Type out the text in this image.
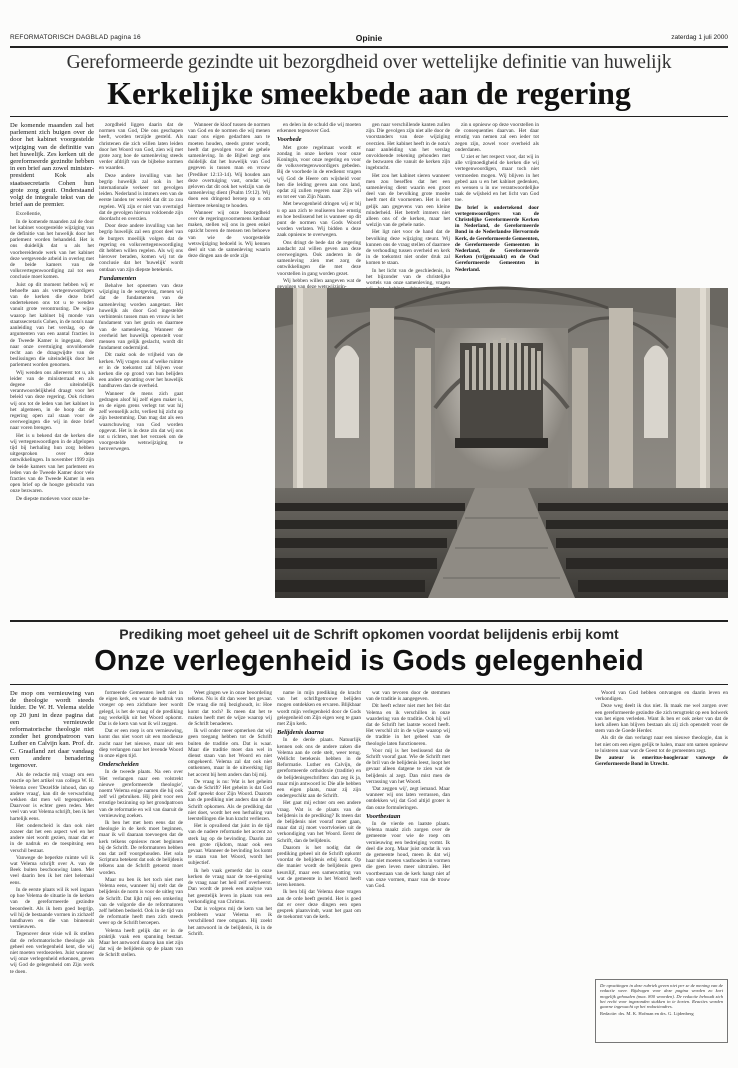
REFORMATORISCH DAGBLAD pagina 16	Opinie	zaterdag 1 juli 2000
Gereformeerde gezindte uit bezorgdheid over wettelijke definitie van huwelijk
Kerkelijke smeekbede aan de regering

De komende maanden zal het parlement zich buigen over de door het kabinet voorgestelde wijziging van de definitie van het huwelijk. Zes kerken uit de gereformeerde gezindte hebben in een brief aan zowel minister-president Kok als staatssecretaris Cohen hun grote zorg geuit. Onderstaand volgt de integrale tekst van de brief aan de premier.

Excellentie,

In de komende maanden zal de door het kabinet voorgestelde wijziging van de definitie van het huwelijk door het parlement worden behandeld. Het is ons duidelijk dat u als het voorbereidende werk van het kabinet deze wetgevende arbeid in overleg met de beide kamers van de volksvertegenwoordiging zal tot een conclusie moet komen.

Juist op dit moment hebben wij er behoefte aan als vertegenwoordigers van de kerken die deze brief ondertekenen ons tot u te wenden vanuit grote verontrusting. De wijze waarop het kabinet bij monde van staatssecretaris Cohen, in de nota's naar aanleiding van het verslag, op de argumenten van een aantal fracties in de Tweede Kamer is ingegaan, doet naar onze overtuiging onvoldoende recht aan de draagwijdte van de beslissingen die uiteindelijk door het parlement worden genomen.

Wij wenden ons allereerst tot u, als leider van de ministerraad en als degene die uiteindelijk verantwoordelijkheid draagt voor het beleid van deze regering. Ook richten wij ons tot de leden van het kabinet in het algemeen, in de hoop dat de regering open zal staan voor de overwegingen die wij in deze brief naar voren brengen.

Het is u bekend dat de kerken die wij vertegenwoordigen in de afgelopen tijd bij herhaling hun zorg hebben uitgesproken over deze ontwikkelingen. In november 1999 zijn de beide kamers van het parlement en leden van de Tweede Kamer door vele fracties van de Tweede Kamer in een open brief op de hoogte gebracht van onze bezwaren.

De diepste motieven voor onze be-

zorgdheid liggen daarin dat de normen van God, Die ons geschapen heeft, worden terzijde gesteld. Als christenen die zich willen laten leiden door het Woord van God, zien wij met grote zorg hoe de samenleving steeds verder afdrijft van de bijbelse normen en waarden.

Deze andere invulling van het begrip huwelijk zal ook in het internationale verkeer tot gevolgen leiden. Nederland is immers een van de eerste landen ter wereld dat dit zo zou regelen. Wij zijn er niet van overtuigd dat de gevolgen hiervan voldoende zijn doordacht en overzien.

Door deze andere invulling van het begrip huwelijk zal een groot deel van de burgers moeilijk volgen dat de regering en volksvertegenwoordiging dit hebben willen regelen. Als wij ons hierover beraden, komen wij tot de conclusie dat het 'huwelijk' wordt ontdaan van zijn diepste betekenis.

Fundamenten

Behalve het opnemen van deze wijziging in de wetgeving, menen wij dat de fundamenten van de samenleving worden aangetast. Het huwelijk als door God ingestelde verbintenis tussen man en vrouw is het fundament van het gezin en daarmee van de samenleving. Wanneer de overheid het huwelijk openstelt voor mensen van gelijk geslacht, wordt dit fundament ondermijnd.

Dit raakt ook de vrijheid van de kerken. Wij vragen ons af welke ruimte er in de toekomst zal blijven voor kerken die op grond van hun belijden een andere opvatting over het huwelijk handhaven dan de overheid.

Wanneer de mens zich gaat gedragen alsof hij zelf eigen maker is, en de eigen grens verlegt tot wat hij zelf wenselijk acht, verliest hij zicht op zijn bestemming. Dan mag dat als een waarschuwing van God worden opgevat. Het is in deze zin dat wij ons tot u richten, met het verzoek om de voorgestelde wetswijziging te heroverwegen.

Wanneer de kloof tussen de normen van God en de normen die wij menen naar ons eigen gedachten aan te moeten houden, steeds groter wordt, heeft dat gevolgen voor de gehele samenleving. In de Bijbel zegt ons duidelijk dat het huwelijk van God gegeven is tussen man en vrouw (Prediker 12:13-14). Wij houden aan deze overtuiging vast, omdat wij geloven dat dit ook het welzijn van de samenleving dient (Psalm 19:12). Wij doen een dringend beroep op u om hiermee rekening te houden.

Wanneer wij onze bezorgdheid over de regeringsvoornemens kenbaar maken, stellen wij ons in geen enkel opzicht boven de mensen ten behoeve van wie de voorgestelde wetswijziging bedoeld is. Wij kennen deel uit van de samenleving waarin deze dingen aan de orde zijn

en delen in de schuld die wij moeten erkennen tegenover God.

Voorbede

Met grote regelmaat wordt er zondag in onze kerken voor onze Koningin, voor onze regering en voor de volksvertegenwoordigers gebeden. Bij de voorbede in de eredienst vragen wij God de Heere om wijsheid voor hen die leiding geven aan ons land, opdat zij zullen regeren naar Zijn wil en tot eer van Zijn Naam.

Met bewogenheid dringen wij er bij u op aan zich te realiseren hoe ernstig en hoe beslissend het is wanneer op dit punt de normen van Gods Woord worden verlaten. Wij bidden u deze zaak opnieuw te overwegen.

Ons dringt de bede dat de regering aandacht zal willen geven aan deze overwegingen. Ook anderen in de samenleving zien met zorg de ontwikkelingen die met deze voorstellen in gang worden gezet.

Wij hebben willen aangeven wat de

gen naar verschillende kanten zullen zijn. Die gevolgen zijn niet alle door de voorstanders van deze wijziging overzien. Het kabinet heeft in de nota's naar aanleiding van het verslag onvoldoende rekening gehouden met de bezwaren die vanuit de kerken zijn ingebracht.

Het zou het kabinet sieren wanneer men zou beseffen dat het een samenleving dient waarin een groot deel van de bevolking grote moeite heeft met dit voornemen. Het is niet gelijk aan gegevens van een kleine minderheid. Het betreft immers niet alleen ons of de kerken, maar het welzijn van de gehele natie.

Het ligt niet voor de hand dat de bevolking deze wijziging steunt. Wij kunnen ons de vraag stellen of daarmee de verhouding tussen overheid en kerk in de toekomst niet onder druk zal komen te staan.

In het licht van de geschiedenis, in het bijzonder van de christelijke wortels van onze samenleving, vragen

zin u opnieuw op deze voorstellen in de consequenties daarvan. Het daar ernstig van nemen zal een ieder tot zegen zijn, zowel voor overheid als onderdanen.

U ziet er het respect voor, dat wij in alle vrijmoedigheid de kerken die wij vertegenwoordigen, maar toch niet vermoeden mogen. Wij blijven in het gebed aan u en het kabinet gedenken, en wensen u in uw verantwoordelijke taak de wijsheid en het licht van God toe.

De brief is ondertekend door vertegenwoordigers van de Christelijke Gereformeerde Kerken in Nederland, de Gereformeerde Bond in de Nederlandse Hervormde Kerk, de Gereformeerde Gemeenten, de Gereformeerde Gemeenten in Nederland, de Gereformeerde Kerken (vrijgemaakt) en de Oud Gereformeerde Gemeenten in Nederland.

Prediking moet geheel uit de Schrift opkomen voordat belijdenis erbij komt
Onze verlegenheid is Gods gelegenheid

De mop om vernieuwing van de theologie wordt steeds luider. De W. H. Velema stelde op 20 juni in deze pagina dat een vernieuwde reformatorische theologie niet zonder het grondpatroon van Luther en Calvijn kan. Prof. dr. C. Graafland zet daar vandaag een andere benadering tegenover.

Als de redactie mij vraagt om een reactie op het artikel van collega W. H. Velema over 'Dezelfde inhoud, dan op andere vraag', kan dit de verwachting wekken dat men wil tegenspreken. Daarvoor is echter geen reden. Met veel van wat Velema schrijft, ben ik het hartelijk eens.

Het onderscheid is dan ook niet zozeer dat het een aspect wel en het andere niet wordt gezien, maar dat er in de nadruk en de toespitsing een verschil bestaat.

Vanwege de beperkte ruimte wil ik wat Velema schrijft over A. van de Beek buiten beschouwing laten. Met veel daarin ben ik het niet helemaal eens.

In de eerste plaats wil ik wel ingaan op hoe Velema de situatie in de kerken van de gereformeerde gezindte beoordeelt. Als ik hem goed begrijp, wil hij de bestaande vormen in zichzelf handhaven en die van binnenuit vernieuwen.

Tegenover deze visie wil ik stellen dat de reformatorische theologie als geheel een verlegenheid kent, die wij niet moeten verdoezelen. Juist wanneer wij onze verlegenheid erkennen, geven wij God de gelegenheid om Zijn werk te doen.

formeerde Gemeenten leeft niet in de eigen kerk, en waar de nadruk van vroeger op een zichtbare leer wordt gelegd, is het de vraag of de prediking nog werkelijk uit het Woord opkomt. Dat is de kern van wat ik wil zeggen.

Dat er een roep is om vernieuwing, komt dus niet voort uit een modieuze zucht naar het nieuwe, maar uit een diep verlangen naar het levende Woord in onze eigen tijd.

Onderscheiden

In de tweede plaats. Na een over 'Het verlangen naar een volstrekt nieuwe gereformeerde theologie', noemt Velema enige namen die hij ook zelf wil gebruiken. Hij pleit voor een ernstige bezinning op het grondpatroon van de reformatie en wil van daaruit de vernieuwing zoeken.

Ik ben het met hem eens dat de theologie in de kerk moet beginnen, maar ik wil daaraan toevoegen dat de kerk telkens opnieuw moet beginnen bij de Schrift. De reformatoren hebben ons dat zelf voorgehouden. Het sola Scriptura betekent dat ook de belijdenis telkens aan de Schrift getoetst moet worden.

Maar nu ben ik het toch niet met Velema eens, wanneer hij stelt dat de belijdenis de norm is voor de uitleg van de Schrift. Dat lijkt mij een omkering van de volgorde die de reformatoren zelf hebben bedoeld. Ook in de tijd van de reformatie heeft men zich steeds weer op de Schrift beroepen.

Velema heeft gelijk dat er in de praktijk vaak een spanning bestaat. Maar het antwoord daarop kan niet zijn dat wij de belijdenis op de plaats van de Schrift stellen.

Weet gingen we in onze beoordeling telkens. Nu is dit dan weer het gevaar. De vraag die mij bezighoudt, is: Hoe komt dat toch? Ik meen dat het te maken heeft met de wijze waarop wij de Schrift benaderen.

Ik wil onder meer opmerken dat wij geen toegang hebben tot de Schrift buiten de traditie om. Dat is waar. Maar die traditie moet dan wel in dienst staan van het Woord en niet omgekeerd. Velema zal dat ook niet ontkennen, maar in de uitwerking ligt het accent bij hem anders dan bij mij.

De vraag is nu: Wat is het geheim van de Schrift? Het geheim is dat God Zelf spreekt door Zijn Woord. Daarom kan de prediking niet anders dan uit de Schrift opkomen. Als de prediking dat niet doet, wordt het een herhaling van leerstellingen die hun kracht verliezen.

Het is opvallend dat juist in de tijd van de nadere reformatie het accent zo sterk lag op de bevinding. Daarin zat een grote rijkdom, maar ook een gevaar. Wanneer de bevinding los komt te staan van het Woord, wordt het subjectief.

Ik heb vaak gemerkt dat in onze kerken de vraag naar de toe-eigening de vraag naar het heil zelf overheerst. Dan wordt de preek een analyse van het geestelijk leven in plaats van een verkondiging van Christus.

Dat is volgens mij de kern van het probleem waar Velema en ik verschillend mee omgaan. Hij zoekt het antwoord in de belijdenis, ik in de Schrift.

name in mijn prediking de kracht van het schriftgetrouwe belijden mogen ontdekken en ervaren. Blijkbaar wordt mijn verlegenheid door de Gods gelegenheid om Zijn eigen weg te gaan met Zijn kerk.

Belijdenis daarna

In de derde plaats. Natuurlijk kennen ook ons de andere zaken die Velema aan de orde stelt, weer terug. Wellicht betekenis hebben in de Reformatie. Luther en Calvijn, de gereformeerde orthodoxie (traditie) en de belijdenisgeschriften: dan zeg ik ja, maar mijn antwoord is: Die alle hebben een eigen plaats, maar zij zijn ondergeschikt aan de Schrift.

Het gaat mij echter om een andere vraag. Wat is de plaats van de belijdenis in de prediking? Ik meen dat de belijdenis niet vooraf moet gaan, maar dat zij moet voortvloeien uit de verkondiging van het Woord. Eerst de Schrift, dan de belijdenis.

Daarom is het nodig dat de prediking geheel uit de Schrift opkomt voordat de belijdenis erbij komt. Op die manier wordt de belijdenis geen keurslijf, maar een samenvatting van wat de gemeente in het Woord heeft leren kennen.

Ik ben blij dat Velema deze vragen aan de orde heeft gesteld. Het is goed dat er over deze dingen een open gesprek plaatsvindt, want het gaat om de toekomst van de kerk.

wat van tevoren door de stemmen van de traditie is aangegeven.

Dit heeft echter niet met het feit dat Velema en ik verschillen in onze waardering van de traditie. Ook hij wil dat de Schrift het laatste woord heeft. Het verschil zit in de wijze waarop wij de traditie in het geheel van de theologie laten functioneren.

Voor mij is het beslissend dat de Schrift vooraf gaat. Wie de Schrift met de bril van de belijdenis leest, loopt het gevaar alleen datgene te zien wat de belijdenis al zegt. Dan mist men de verrassing van het Woord.

'Dat zeggen wij', zegt iemand. Maar wanneer wij ons laten verrassen, dan ontdekken wij dat God altijd groter is dan onze formuleringen.

Voortbestaan

In de vierde en laatste plaats. Velema maakt zich zorgen over de gemeente voor wie de roep om vernieuwing een bedreiging vormt. Ik deel die zorg. Maar juist omdat ik van de gemeente houd, meen ik dat wij haar niet moeten vasthouden in vormen die geen leven meer uitstralen. Het voortbestaan van de kerk hangt niet af van onze vormen, maar van de trouw van God.

Woord van God hebben ontvangen en daarin leven en verkondigen.

Deze weg deelt ik dus niet. Ik maak me wel zorgen over een gereformeerde gezindte die zich terugtrekt op een bolwerk van het eigen verleden. Want ik ben er ook zeker van dat de kerk alleen kan blijven bestaan als zij zich openstelt voor de stem van de Goede Herder.

Als dit de dan verlangt naar een nieuwe theologie, dan is het niet om een eigen gelijk te halen, maar om samen opnieuw te luisteren naar wat de Geest tot de gemeenten zegt.

De auteur is emeritus-hoogleraar vanwege de Gereformeerde Bond in Utrecht.

De opvattingen in deze rubriek geven niet per se de mening van de redactie weer. Bijdragen voor deze pagina worden zo kort mogelijk gehouden (max. 800 woorden). De redactie behoudt zich het recht voor ingezonden stukken in te korten. Reacties worden gaarne ingewacht op het redactieadres.
Redactie: drs. M. K. Hofman en drs. G. Lijdenberg
